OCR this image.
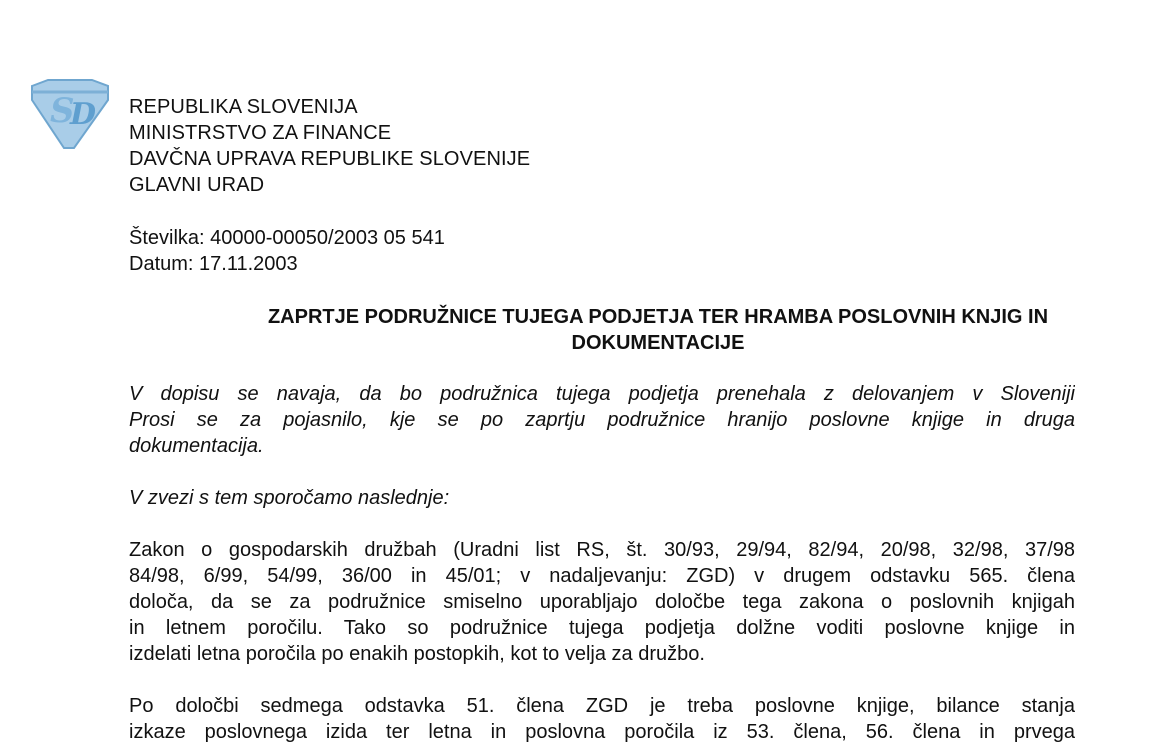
S
D REPUBLIKA SLOVENIJA
MINISTRSTVO ZA FINANCE
DAVČNA UPRAVA REPUBLIKE SLOVENIJE
GLAVNI URAD
Številka: 40000-00050/2003 05 541
Datum: 17.11.2003
ZAPRTJE PODRUŽNICE TUJEGA PODJETJA TER HRAMBA POSLOVNIH KNJIG IN
DOKUMENTACIJE
V dopisu se navaja, da bo podružnica tujega podjetja prenehala z delovanjem v Sloveniji
Prosi se za pojasnilo, kje se po zaprtju podružnice hranijo poslovne knjige in druga
dokumentacija.
V zvezi s tem sporočamo naslednje:
Zakon o gospodarskih družbah (Uradni list RS, št. 30/93, 29/94, 82/94, 20/98, 32/98, 37/98
84/98, 6/99, 54/99, 36/00 in 45/01; v nadaljevanju: ZGD) v drugem odstavku 565. člena
določa, da se za podružnice smiselno uporabljajo določbe tega zakona o poslovnih knjigah
in letnem poročilu. Tako so podružnice tujega podjetja dolžne voditi poslovne knjige in
izdelati letna poročila po enakih postopkih, kot to velja za družbo.
Po določbi sedmega odstavka 51. člena ZGD je treba poslovne knjige, bilance stanja
izkaze poslovnega izida ter letna in poslovna poročila iz 53. člena, 56. člena in prvega
